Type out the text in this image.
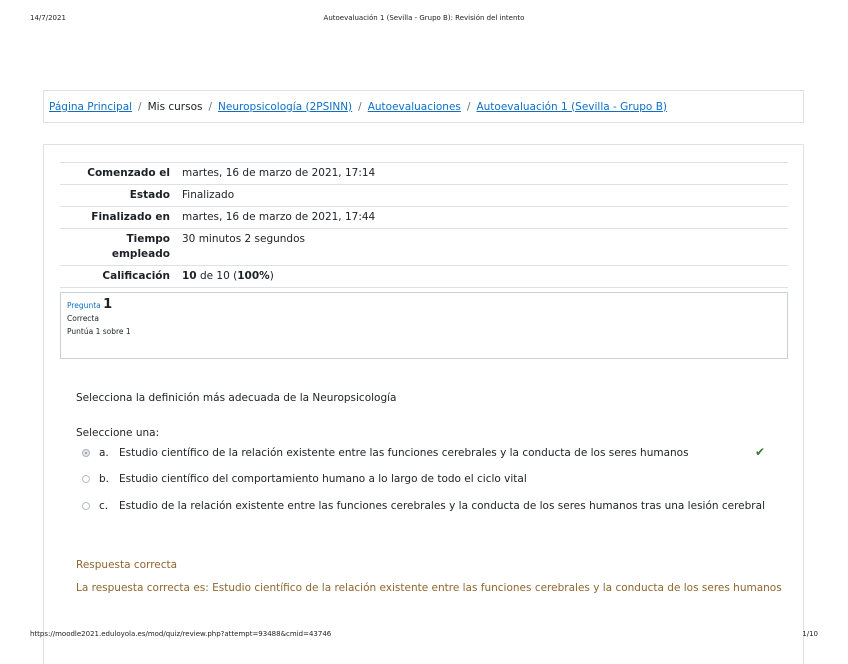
14/7/2021	Autoevaluación 1 (Sevilla - Grupo B): Revisión del intento
Página Principal / Mis cursos / Neuropsicología (2PSINN) / Autoevaluaciones / Autoevaluación 1 (Sevilla - Grupo B)
Comenzado el	martes, 16 de marzo de 2021, 17:14
Estado	Finalizado
Finalizado en	martes, 16 de marzo de 2021, 17:44
Tiempo
empleado	30 minutos 2 segundos
Calificación	10 de 10 (100%)
Pregunta 1
Correcta
Puntúa 1 sobre 1
Selecciona la definición más adecuada de la Neuropsicología
Seleccione una:
a. Estudio científico de la relación existente entre las funciones cerebrales y la conducta de los seres humanos	✔
b. Estudio científico del comportamiento humano a lo largo de todo el ciclo vital
c.	Estudio de la relación existente entre las funciones cerebrales y la conducta de los seres humanos tras una lesión cerebral
Respuesta correcta
La respuesta correcta es: Estudio científico de la relación existente entre las funciones cerebrales y la conducta de los seres humanos
https://moodle2021.eduloyola.es/mod/quiz/review.php?attempt=93488&cmid=43746	1/10
